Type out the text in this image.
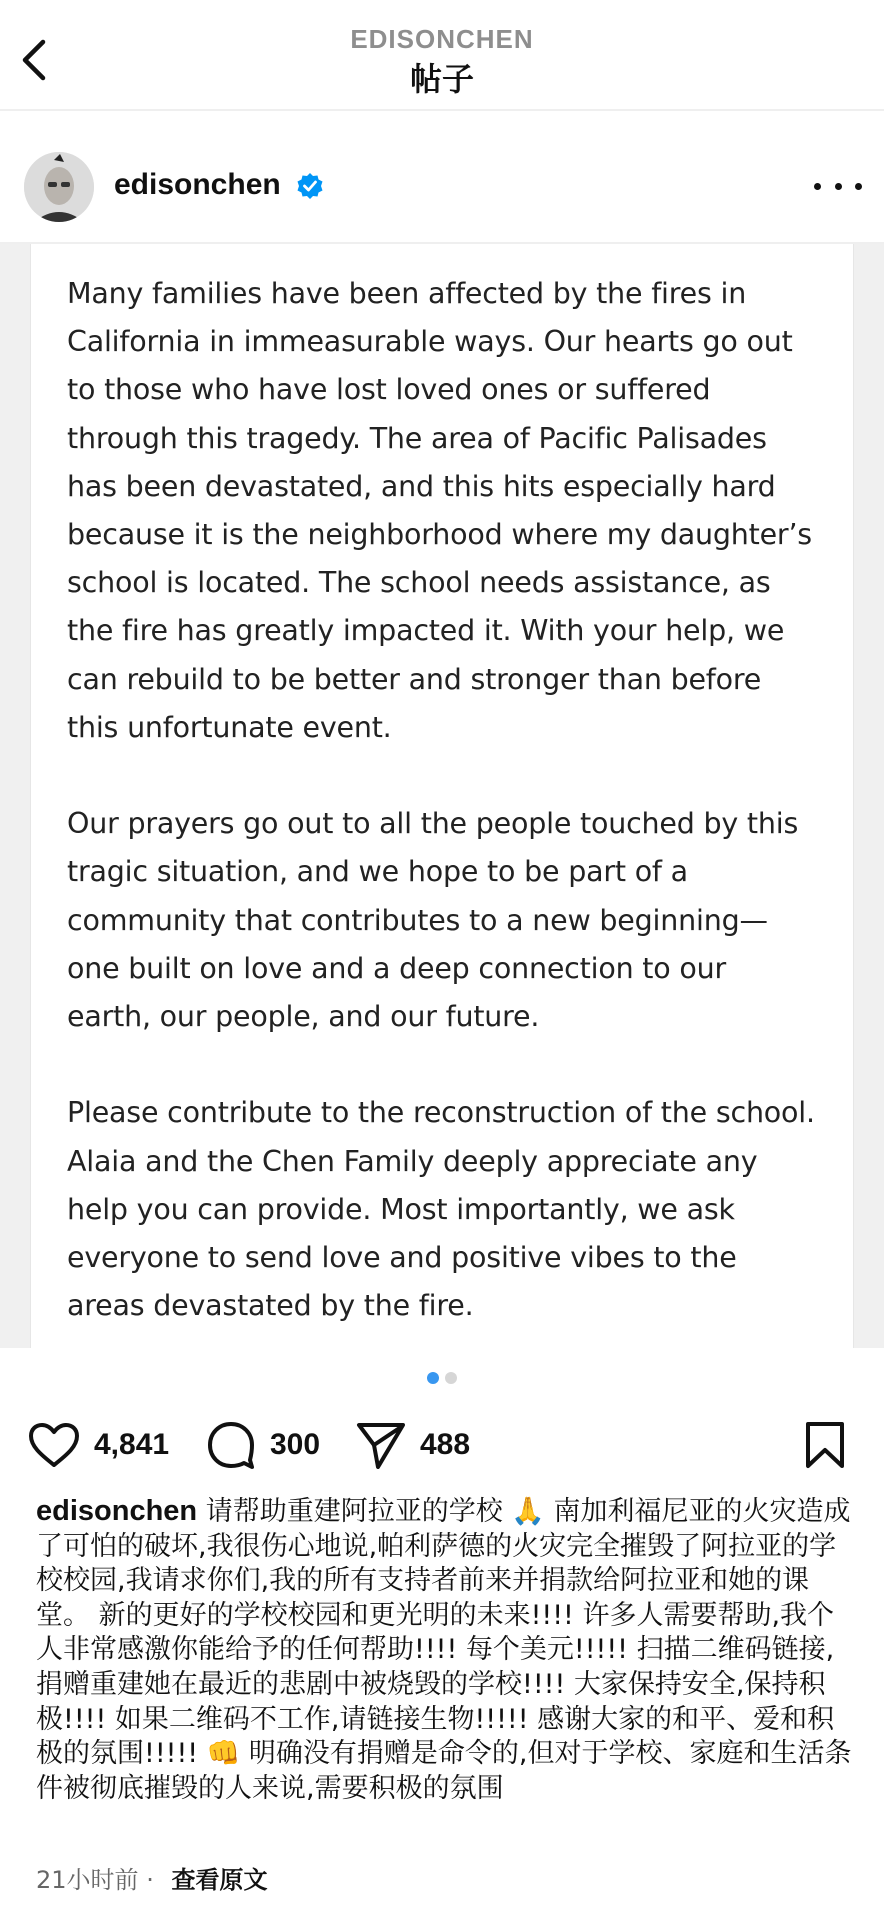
EDISONCHEN
帖子
edisonchen

Many families have been affected by the fires in California in immeasurable ways. Our hearts go out to those who have lost loved ones or suffered through this tragedy. The area of Pacific Palisades has been devastated, and this hits especially hard because it is the neighborhood where my daughter’s school is located. The school needs assistance, as the fire has greatly impacted it. With your help, we can rebuild to be better and stronger than before this unfortunate event.

Our prayers go out to all the people touched by this tragic situation, and we hope to be part of a community that contributes to a new beginning—one built on love and a deep connection to our earth, our people, and our future.

Please contribute to the reconstruction of the school. Alaia and the Chen Family deeply appreciate any help you can provide. Most importantly, we ask everyone to send love and positive vibes to the areas devastated by the fire.

4,841	300	488
edisonchen 请帮助重建阿拉亚的学校 🙏 南加利福尼亚的火灾造成了可怕的破坏,我很伤心地说,帕利萨德的火灾完全摧毁了阿拉亚的学校校园,我请求你们,我的所有支持者前来并捐款给阿拉亚和她的课堂。 新的更好的学校校园和更光明的未来!!!! 许多人需要帮助,我个人非常感激你能给予的任何帮助!!!! 每个美元!!!!! 扫描二维码链接,捐赠重建她在最近的悲剧中被烧毁的学校!!!! 大家保持安全,保持积极!!!! 如果二维码不工作,请链接生物!!!!! 感谢大家的和平、爱和积极的氛围!!!!! 👊 明确没有捐赠是命令的,但对于学校、家庭和生活条件被彻底摧毁的人来说,需要积极的氛围
21小时前 · 查看原文
